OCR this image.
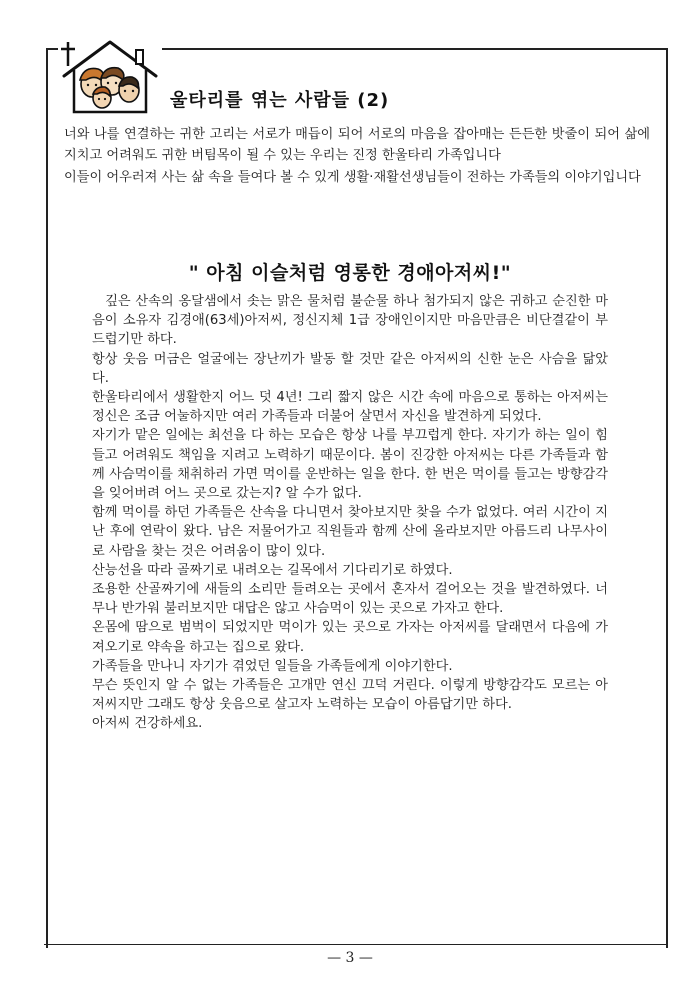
울타리를 엮는 사람들 (2)

너와 나를 연결하는 귀한 고리는 서로가 매듭이 되어 서로의 마음을 잡아매는 든든한 밧줄이 되어 삶에 지치고 어려워도 귀한 버팀목이 될 수 있는 우리는 진정 한울타리 가족입니다

이들이 어우러져 사는 삶 속을 들여다 볼 수 있게 생활·재활선생님들이 전하는 가족들의 이야기입니다

" 아침 이슬처럼 영롱한 경애아저씨!"

깊은 산속의 옹달샘에서 솟는 맑은 물처럼 불순물 하나 첨가되지 않은 귀하고 순진한 마음이 소유자 김경애(63세)아저씨, 정신지체 1급 장애인이지만 마음만큼은 비단결같이 부드럽기만 하다.

항상 웃음 머금은 얼굴에는 장난끼가 발동 할 것만 같은 아저씨의 신한 눈은 사슴을 닮았다.

한울타리에서 생활한지 어느 덧 4년! 그리 짧지 않은 시간 속에 마음으로 통하는 아저씨는 정신은 조금 어눌하지만 여러 가족들과 더불어 살면서 자신을 발견하게 되었다.

자기가 맡은 일에는 최선을 다 하는 모습은 항상 나를 부끄럽게 한다. 자기가 하는 일이 힘들고 어려워도 책임을 지려고 노력하기 때문이다. 봄이 진강한 아저씨는 다른 가족들과 함께 사슴먹이를 채취하러 가면 먹이를 운반하는 일을 한다. 한 번은 먹이를 들고는 방향감각을 잊어버려 어느 곳으로 갔는지? 알 수가 없다.

함께 먹이를 하던 가족들은 산속을 다니면서 찾아보지만 찾을 수가 없었다. 여러 시간이 지난 후에 연락이 왔다. 남은 저물어가고 직원들과 함께 산에 올라보지만 아름드리 나무사이로 사람을 찾는 것은 어려움이 많이 있다.

산능선을 따라 골짜기로 내려오는 길목에서 기다리기로 하였다.

조용한 산골짜기에 새들의 소리만 들려오는 곳에서 혼자서 걸어오는 것을 발견하였다. 너무나 반가워 불러보지만 대답은 않고 사슴먹이 있는 곳으로 가자고 한다.

온몸에 땀으로 범벅이 되었지만 먹이가 있는 곳으로 가자는 아저씨를 달래면서 다음에 가져오기로 약속을 하고는 집으로 왔다.

가족들을 만나니 자기가 겪었던 일들을 가족들에게 이야기한다.

무슨 뜻인지 알 수 없는 가족들은 고개만 연신 끄덕 거린다. 이렇게 방향감각도 모르는 아저씨지만 그래도 항상 웃음으로 살고자 노력하는 모습이 아름답기만 하다.

아저씨 건강하세요.

— 3 —
